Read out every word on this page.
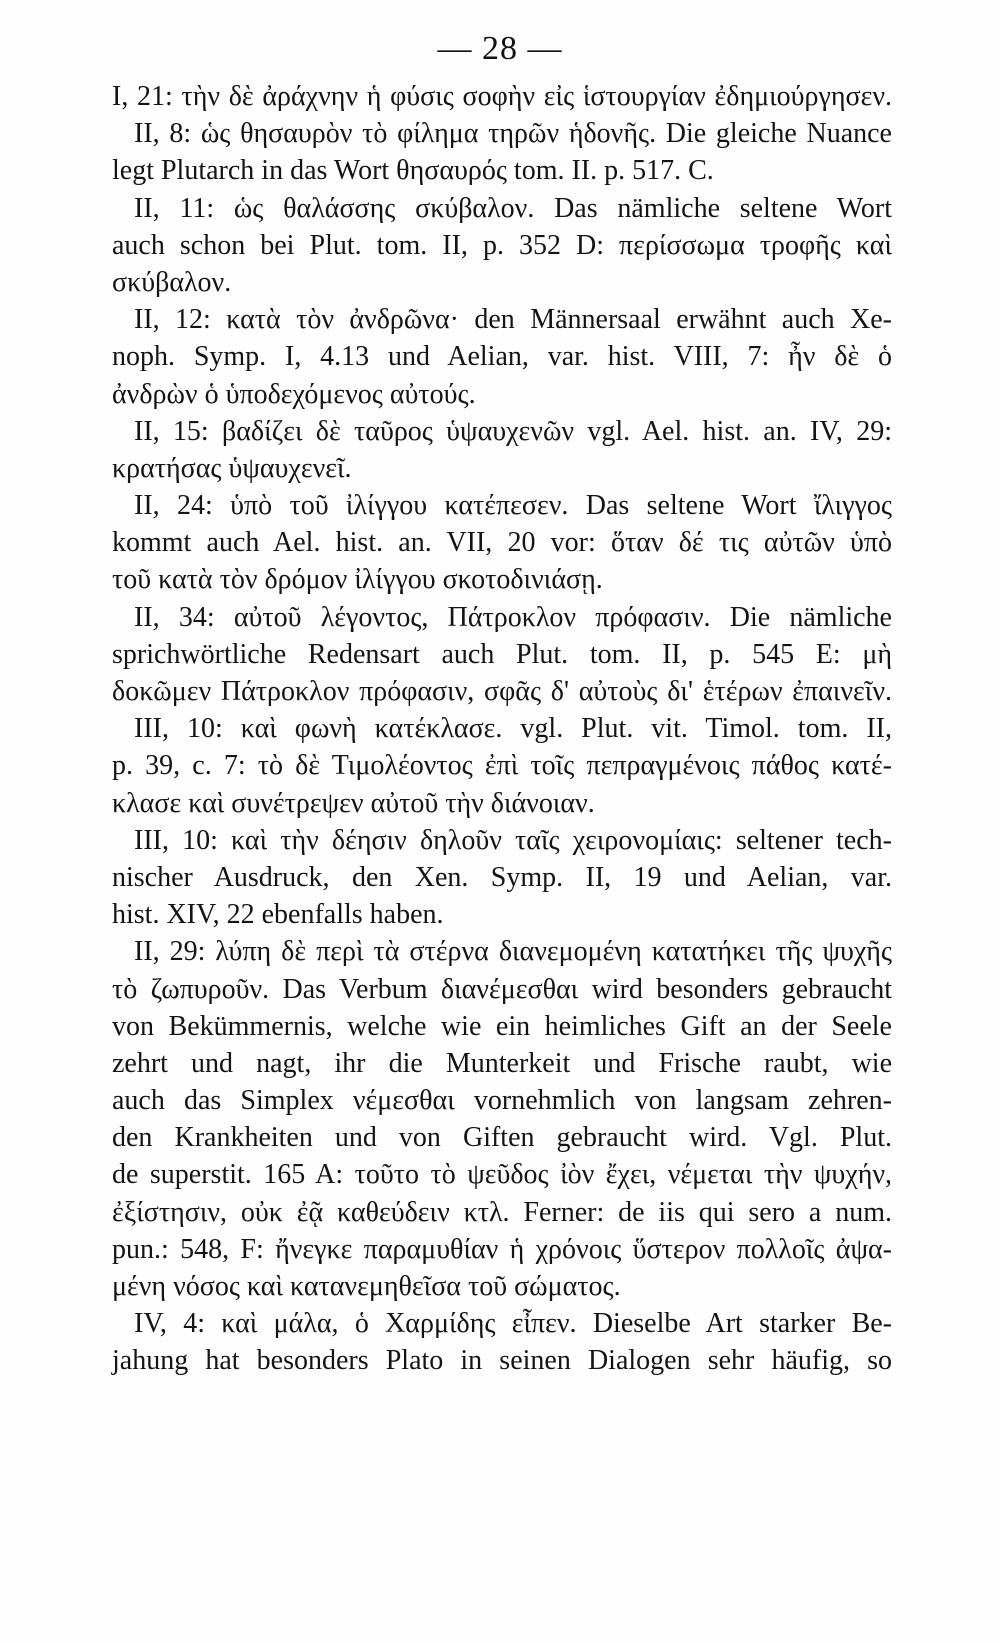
— 28 —
I, 21: τὴν δὲ ἀράχνην ἡ φύσις σοφὴν εἰς ἱστουργίαν ἐδημιούργησεν.
II, 8: ὡς θησαυρὸν τὸ φίλημα τηρῶν ἡδονῆς. Die gleiche Nuance
legt Plutarch in das Wort θησαυρός tom. II. p. 517. C.
II, 11: ὡς θαλάσσης σκύβαλον. Das nämliche seltene Wort
auch schon bei Plut. tom. II, p. 352 D: περίσσωμα τροφῆς καὶ
σκύβαλον.
II, 12: κατὰ τὸν ἀνδρῶνα· den Männersaal erwähnt auch Xe-
noph. Symp. I, 4.13 und Aelian, var. hist. VIII, 7: ἦν δὲ ὁ
ἀνδρὼν ὁ ὑποδεχόμενος αὐτούς.
II, 15: βαδίζει δὲ ταῦρος ὑψαυχενῶν vgl. Ael. hist. an. IV, 29:
κρατήσας ὑψαυχενεῖ.
II, 24: ὑπὸ τοῦ ἰλίγγου κατέπεσεν. Das seltene Wort ἴλιγγος
kommt auch Ael. hist. an. VII, 20 vor: ὅταν δέ τις αὐτῶν ὑπὸ
τοῦ κατὰ τὸν δρόμον ἰλίγγου σκοτοδινιάσῃ.
II, 34: αὐτοῦ λέγοντος, Πάτροκλον πρόφασιν. Die nämliche
sprichwörtliche Redensart auch Plut. tom. II, p. 545 E: μὴ
δοκῶμεν Πάτροκλον πρόφασιν, σφᾶς δ' αὐτοὺς δι' ἑτέρων ἐπαινεῖν.
III, 10: καὶ φωνὴ κατέκλασε. vgl. Plut. vit. Timol. tom. II,
p. 39, c. 7: τὸ δὲ Τιμολέοντος ἐπὶ τοῖς πεπραγμένοις πάθος κατέ-
κλασε καὶ συνέτρεψεν αὐτοῦ τὴν διάνοιαν.
III, 10: καὶ τὴν δέησιν δηλοῦν ταῖς χειρονομίαις: seltener tech-
nischer Ausdruck, den Xen. Symp. II, 19 und Aelian, var.
hist. XIV, 22 ebenfalls haben.
II, 29: λύπη δὲ περὶ τὰ στέρνα διανεμομένη κατατήκει τῆς ψυχῆς
τὸ ζωπυροῦν. Das Verbum διανέμεσθαι wird besonders gebraucht
von Bekümmernis, welche wie ein heimliches Gift an der Seele
zehrt und nagt, ihr die Munterkeit und Frische raubt, wie
auch das Simplex νέμεσθαι vornehmlich von langsam zehren-
den Krankheiten und von Giften gebraucht wird. Vgl. Plut.
de superstit. 165 A: τοῦτο τὸ ψεῦδος ἰὸν ἔχει, νέμεται τὴν ψυχήν,
ἐξίστησιν, οὐκ ἐᾷ καθεύδειν κτλ. Ferner: de iis qui sero a num.
pun.: 548, F: ἤνεγκε παραμυθίαν ἡ χρόνοις ὕστερον πολλοῖς ἀψα-
μένη νόσος καὶ κατανεμηθεῖσα τοῦ σώματος.
IV, 4: καὶ μάλα, ὁ Χαρμίδης εἶπεν. Dieselbe Art starker Be-
jahung hat besonders Plato in seinen Dialogen sehr häufig, so
